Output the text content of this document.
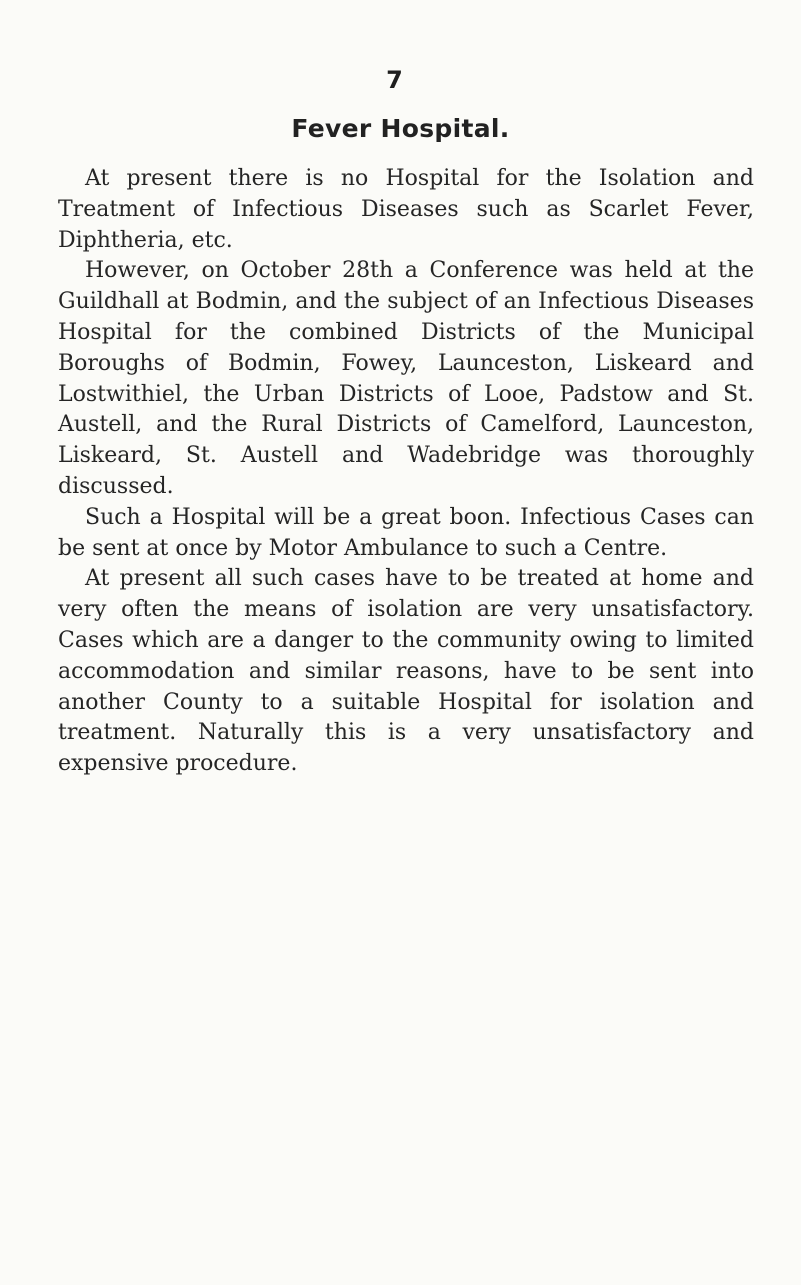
7
Fever Hospital.

At present there is no Hospital for the Isolation and Treatment of Infectious Diseases such as Scarlet Fever, Diphtheria, etc.

However, on October 28th a Conference was held at the Guildhall at Bodmin, and the subject of an Infectious Diseases Hospital for the combined Districts of the Municipal Boroughs of Bodmin, Fowey, Launceston, Liskeard and Lostwithiel, the Urban Districts of Looe, Padstow and St. Austell, and the Rural Districts of Camelford, Launceston, Liskeard, St. Austell and Wadebridge was thoroughly discussed.

Such a Hospital will be a great boon. Infectious Cases can be sent at once by Motor Ambulance to such a Centre.

At present all such cases have to be treated at home and very often the means of isolation are very unsatisfactory. Cases which are a danger to the community owing to limited accommodation and similar reasons, have to be sent into another County to a suitable Hospital for isolation and treatment. Naturally this is a very unsatisfactory and expensive procedure.
